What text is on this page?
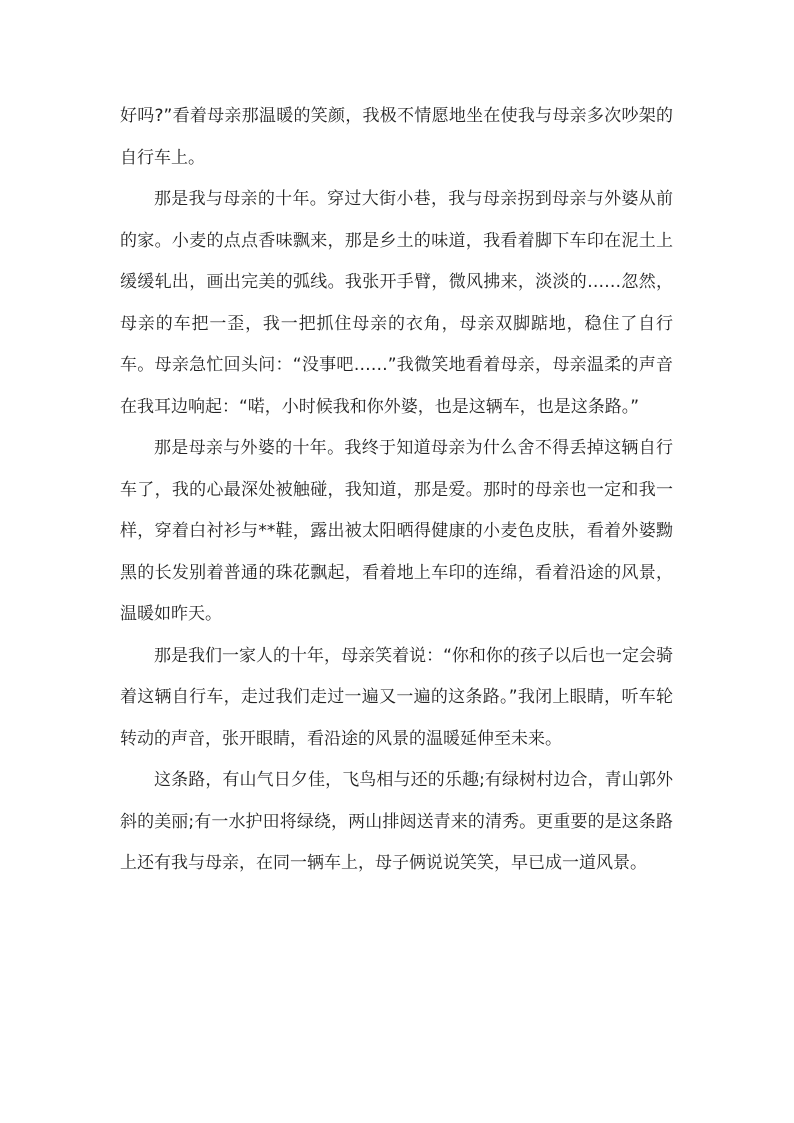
好吗?”看着母亲那温暖的笑颜，我极不情愿地坐在使我与母亲多次吵架的自行车上。

那是我与母亲的十年。穿过大街小巷，我与母亲拐到母亲与外婆从前的家。小麦的点点香味飘来，那是乡土的味道，我看着脚下车印在泥土上缓缓轧出，画出完美的弧线。我张开手臂，微风拂来，淡淡的……忽然，母亲的车把一歪，我一把抓住母亲的衣角，母亲双脚踮地，稳住了自行车。母亲急忙回头问：“没事吧……”我微笑地看着母亲，母亲温柔的声音在我耳边响起：“喏，小时候我和你外婆，也是这辆车，也是这条路。”

那是母亲与外婆的十年。我终于知道母亲为什么舍不得丢掉这辆自行车了，我的心最深处被触碰，我知道，那是爱。那时的母亲也一定和我一样，穿着白衬衫与**鞋，露出被太阳晒得健康的小麦色皮肤，看着外婆黝黑的长发别着普通的珠花飘起，看着地上车印的连绵，看着沿途的风景，温暖如昨天。

那是我们一家人的十年，母亲笑着说：“你和你的孩子以后也一定会骑着这辆自行车，走过我们走过一遍又一遍的这条路。”我闭上眼睛，听车轮转动的声音，张开眼睛，看沿途的风景的温暖延伸至未来。

这条路，有山气日夕佳，飞鸟相与还的乐趣;有绿树村边合，青山郭外斜的美丽;有一水护田将绿绕，两山排闼送青来的清秀。更重要的是这条路上还有我与母亲，在同一辆车上，母子俩说说笑笑，早已成一道风景。
